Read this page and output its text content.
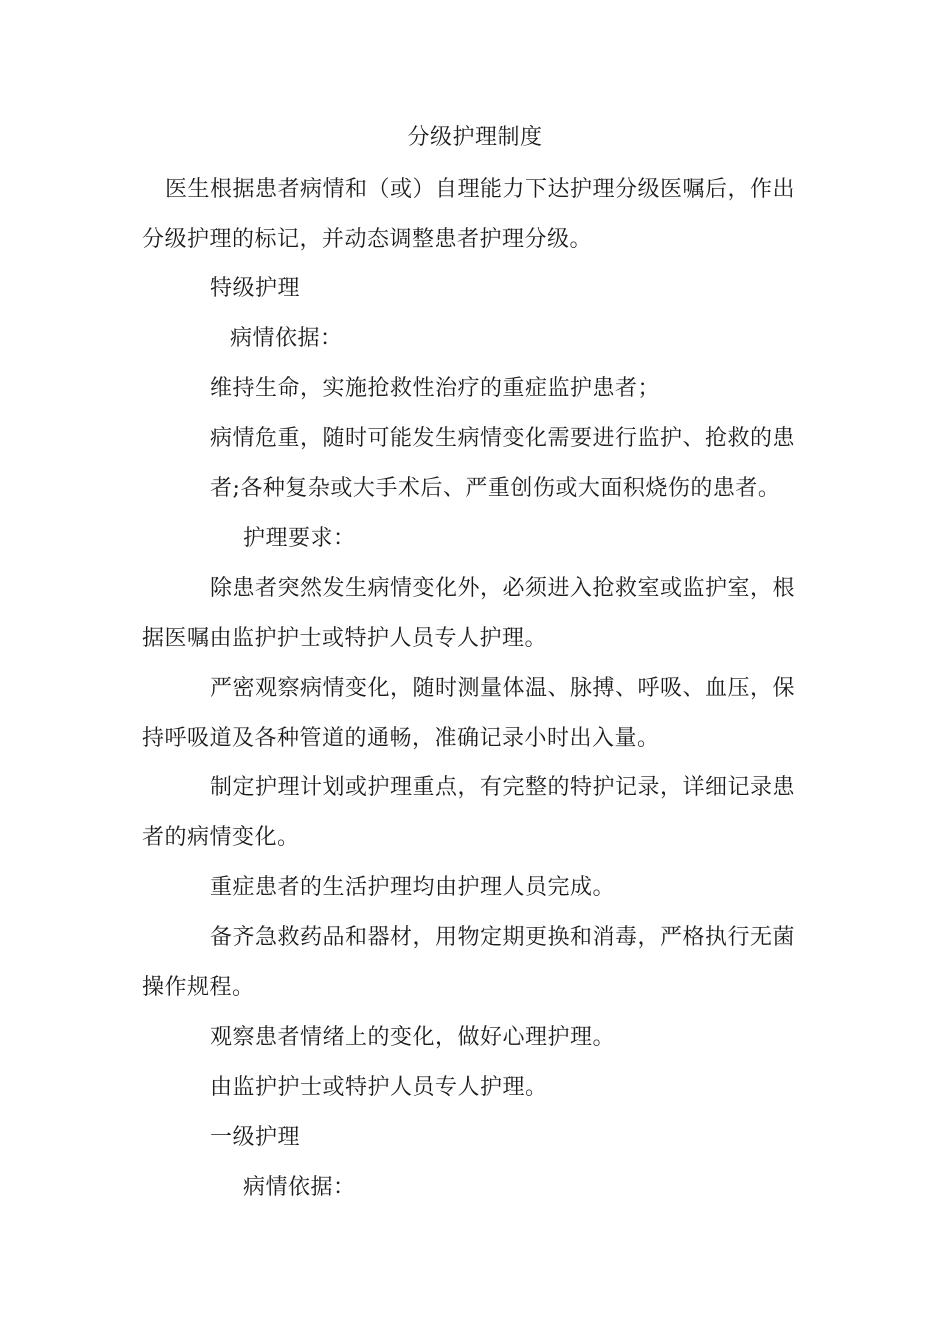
分级护理制度
医生根据患者病情和（或）自理能力下达护理分级医嘱后，作出
分级护理的标记，并动态调整患者护理分级。
特级护理
病情依据：
维持生命，实施抢救性治疗的重症监护患者；
病情危重，随时可能发生病情变化需要进行监护、抢救的患
者;各种复杂或大手术后、严重创伤或大面积烧伤的患者。
护理要求：
除患者突然发生病情变化外，必须进入抢救室或监护室，根
据医嘱由监护护士或特护人员专人护理。
严密观察病情变化，随时测量体温、脉搏、呼吸、血压，保
持呼吸道及各种管道的通畅，准确记录小时出入量。
制定护理计划或护理重点，有完整的特护记录，详细记录患
者的病情变化。
重症患者的生活护理均由护理人员完成。
备齐急救药品和器材，用物定期更换和消毒，严格执行无菌
操作规程。
观察患者情绪上的变化，做好心理护理。
由监护护士或特护人员专人护理。
一级护理
病情依据：
